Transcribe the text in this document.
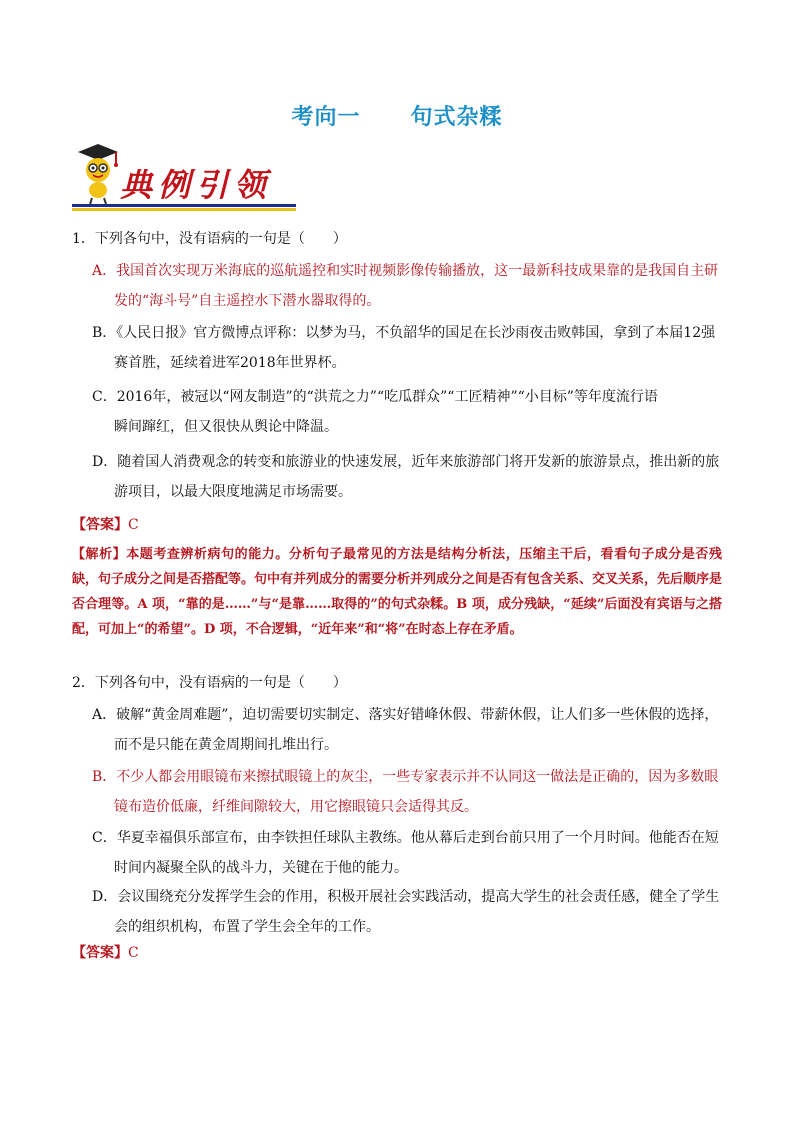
考向一 句式杂糅
典例引领
1．下列各句中，没有语病的一句是（　　）
A．我国首次实现万米海底的巡航遥控和实时视频影像传输播放，这一最新科技成果靠的是我国自主研
发的“海斗号”自主遥控水下潜水器取得的。
B．《人民日报》官方微博点评称：以梦为马，不负韶华的国足在长沙雨夜击败韩国，拿到了本届12强
赛首胜，延续着进军2018年世界杯。
C．2016年，被冠以“网友制造”的“洪荒之力”“吃瓜群众”“工匠精神”“小目标”等年度流行语
瞬间蹿红，但又很快从舆论中降温。
D．随着国人消费观念的转变和旅游业的快速发展，近年来旅游部门将开发新的旅游景点，推出新的旅
游项目，以最大限度地满足市场需要。
【答案】C
【解析】本题考查辨析病句的能力。分析句子最常见的方法是结构分析法，压缩主干后，看看句子成分是否残缺，句子成分之间是否搭配等。句中有并列成分的需要分析并列成分之间是否有包含关系、交叉关系，先后顺序是否合理等。A 项，“靠的是……”与“是靠……取得的”的句式杂糅。B 项，成分残缺，“延续”后面没有宾语与之搭配，可加上“的希望”。D 项，不合逻辑，“近年来”和“将”在时态上存在矛盾。
2．下列各句中，没有语病的一句是（　　）
A．破解“黄金周难题”，迫切需要切实制定、落实好错峰休假、带薪休假，让人们多一些休假的选择，
而不是只能在黄金周期间扎堆出行。
B．不少人都会用眼镜布来擦拭眼镜上的灰尘，一些专家表示并不认同这一做法是正确的，因为多数眼
镜布造价低廉，纤维间隙较大，用它擦眼镜只会适得其反。
C．华夏幸福俱乐部宣布，由李铁担任球队主教练。他从幕后走到台前只用了一个月时间。他能否在短
时间内凝聚全队的战斗力，关键在于他的能力。
D．会议围绕充分发挥学生会的作用，积极开展社会实践活动，提高大学生的社会责任感，健全了学生
会的组织机构，布置了学生会全年的工作。
【答案】C
